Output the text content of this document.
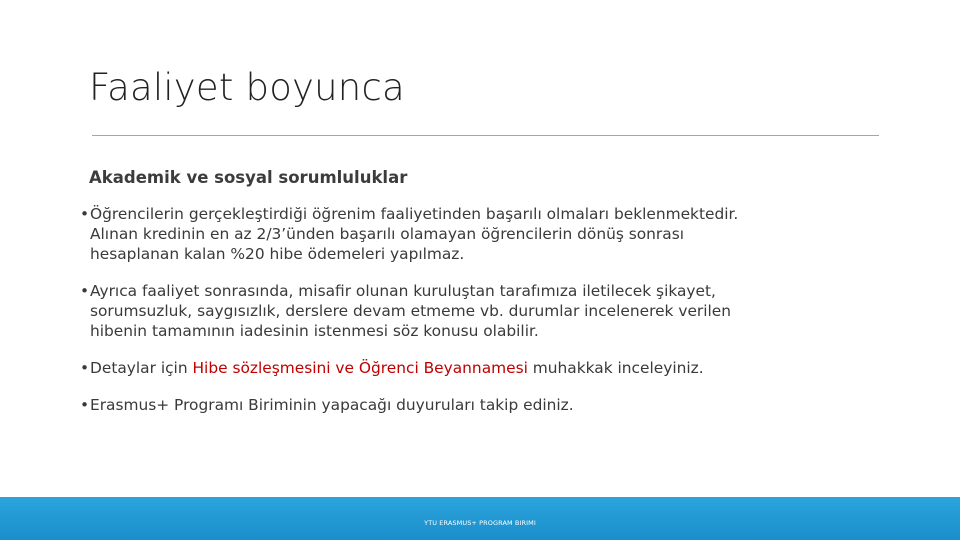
Faaliyet boyunca
Akademik ve sosyal sorumluluklar
• Öğrencilerin gerçekleştirdiği öğrenim faaliyetinden başarılı olmaları beklenmektedir.
Alınan kredinin en az 2/3’ünden başarılı olamayan öğrencilerin dönüş sonrası
hesaplanan kalan %20 hibe ödemeleri yapılmaz.
• Ayrıca faaliyet sonrasında, misafir olunan kuruluştan tarafımıza iletilecek şikayet,
sorumsuzluk, saygısızlık, derslere devam etmeme vb. durumlar incelenerek verilen
hibenin tamamının iadesinin istenmesi söz konusu olabilir.
• Detaylar için Hibe sözleşmesini ve Öğrenci Beyannamesi muhakkak inceleyiniz.
• Erasmus+ Programı Biriminin yapacağı duyuruları takip ediniz.
YTU ERASMUS+ PROGRAM BIRIMI
